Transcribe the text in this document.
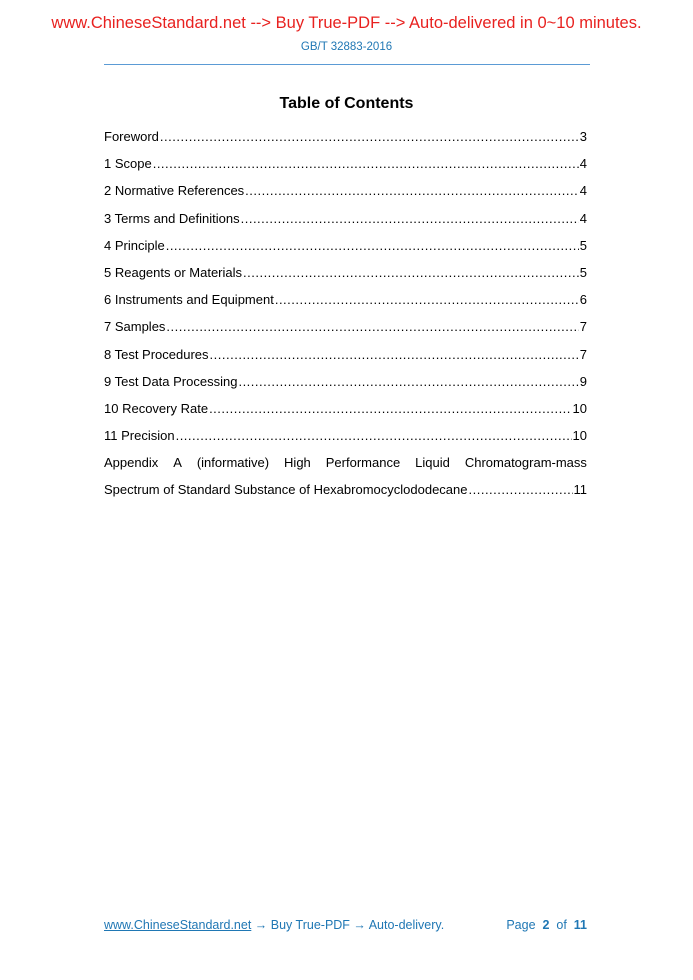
www.ChineseStandard.net --> Buy True-PDF --> Auto-delivered in 0~10 minutes.
GB/T 32883-2016
Table of Contents
Foreword .....	3
1 Scope .....	4
2 Normative References .....	4
3 Terms and Definitions .....	4
4 Principle .....	5
5 Reagents or Materials .....	5
6 Instruments and Equipment .....	6
7 Samples .....	7
8 Test Procedures .....	7
9 Test Data Processing .....	9
10 Recovery Rate .....	10
11 Precision .....	10
Appendix A (informative) High Performance Liquid Chromatogram-mass
Spectrum of Standard Substance of Hexabromocyclododecane .....	11
www.ChineseStandard.net → Buy True-PDF → Auto-delivery.	Page 2 of 11
